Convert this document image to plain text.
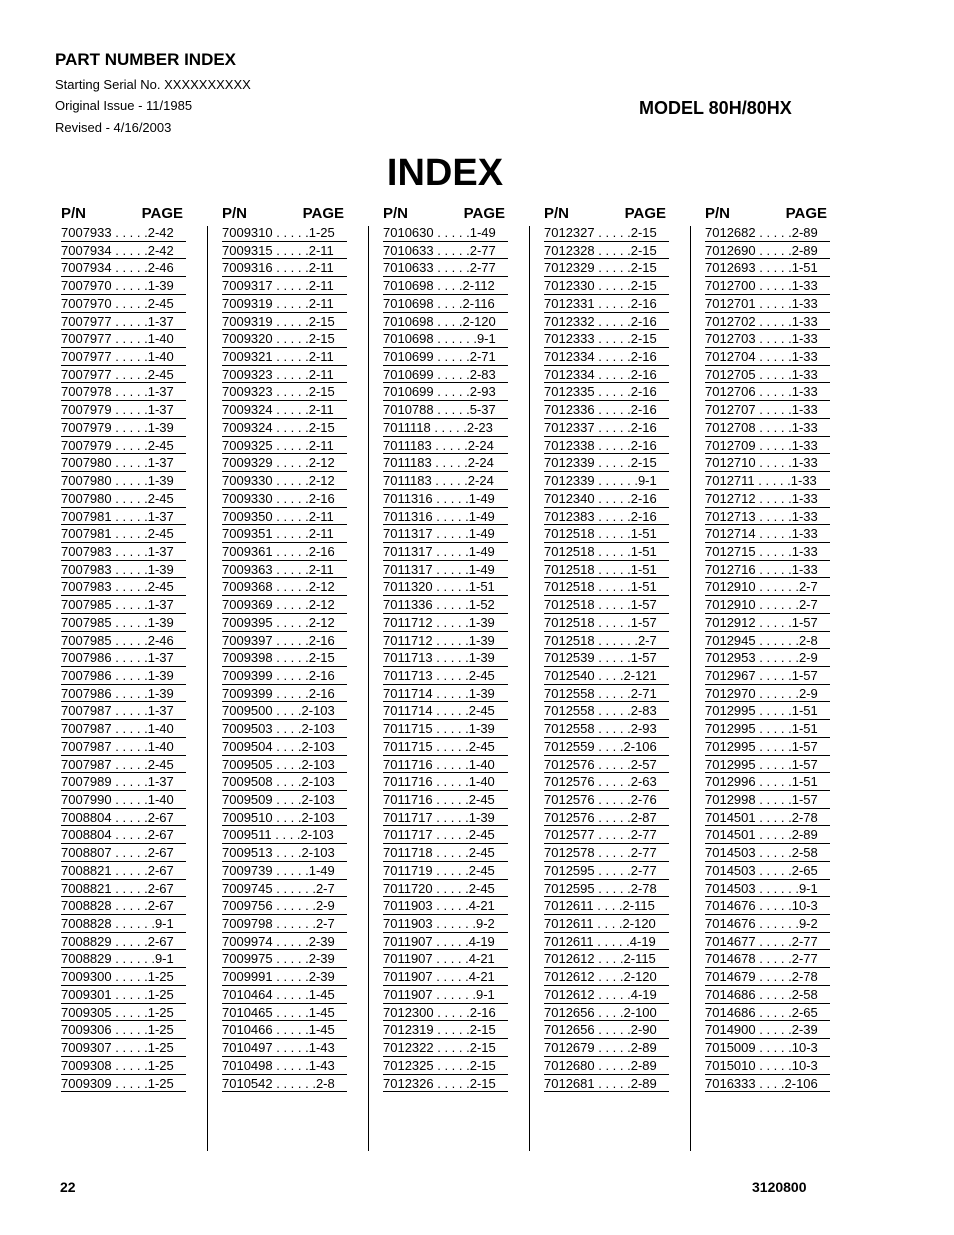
PART NUMBER INDEX
Starting Serial No. XXXXXXXXXX
Original Issue - 11/1985
Revised - 4/16/2003
MODEL 80H/80HX
INDEX
P/N	PAGE
7007933 . . . . .2-42
7007934 . . . . .2-42
7007934 . . . . .2-46
7007970 . . . . .1-39
7007970 . . . . .2-45
7007977 . . . . .1-37
7007977 . . . . .1-40
7007977 . . . . .1-40
7007977 . . . . .2-45
7007978 . . . . .1-37
7007979 . . . . .1-37
7007979 . . . . .1-39
7007979 . . . . .2-45
7007980 . . . . .1-37
7007980 . . . . .1-39
7007980 . . . . .2-45
7007981 . . . . .1-37
7007981 . . . . .2-45
7007983 . . . . .1-37
7007983 . . . . .1-39
7007983 . . . . .2-45
7007985 . . . . .1-37
7007985 . . . . .1-39
7007985 . . . . .2-46
7007986 . . . . .1-37
7007986 . . . . .1-39
7007986 . . . . .1-39
7007987 . . . . .1-37
7007987 . . . . .1-40
7007987 . . . . .1-40
7007987 . . . . .2-45
7007989 . . . . .1-37
7007990 . . . . .1-40
7008804 . . . . .2-67
7008804 . . . . .2-67
7008807 . . . . .2-67
7008821 . . . . .2-67
7008821 . . . . .2-67
7008828 . . . . .2-67
7008828 . . . . . .9-1
7008829 . . . . .2-67
7008829 . . . . . .9-1
7009300 . . . . .1-25
7009301 . . . . .1-25
7009305 . . . . .1-25
7009306 . . . . .1-25
7009307 . . . . .1-25
7009308 . . . . .1-25
7009309 . . . . .1-25
P/N	PAGE
7009310 . . . . .1-25
7009315 . . . . .2-11
7009316 . . . . .2-11
7009317 . . . . .2-11
7009319 . . . . .2-11
7009319 . . . . .2-15
7009320 . . . . .2-15
7009321 . . . . .2-11
7009323 . . . . .2-11
7009323 . . . . .2-15
7009324 . . . . .2-11
7009324 . . . . .2-15
7009325 . . . . .2-11
7009329 . . . . .2-12
7009330 . . . . .2-12
7009330 . . . . .2-16
7009350 . . . . .2-11
7009351 . . . . .2-11
7009361 . . . . .2-16
7009363 . . . . .2-11
7009368 . . . . .2-12
7009369 . . . . .2-12
7009395 . . . . .2-12
7009397 . . . . .2-16
7009398 . . . . .2-15
7009399 . . . . .2-16
7009399 . . . . .2-16
7009500 . . . .2-103
7009503 . . . .2-103
7009504 . . . .2-103
7009505 . . . .2-103
7009508 . . . .2-103
7009509 . . . .2-103
7009510 . . . .2-103
7009511 . . . .2-103
7009513 . . . .2-103
7009739 . . . . .1-49
7009745 . . . . . .2-7
7009756 . . . . . .2-9
7009798 . . . . . .2-7
7009974 . . . . .2-39
7009975 . . . . .2-39
7009991 . . . . .2-39
7010464 . . . . .1-45
7010465 . . . . .1-45
7010466 . . . . .1-45
7010497 . . . . .1-43
7010498 . . . . .1-43
7010542 . . . . . .2-8
P/N	PAGE
7010630 . . . . .1-49
7010633 . . . . .2-77
7010633 . . . . .2-77
7010698 . . . .2-112
7010698 . . . .2-116
7010698 . . . .2-120
7010698 . . . . . .9-1
7010699 . . . . .2-71
7010699 . . . . .2-83
7010699 . . . . .2-93
7010788 . . . . .5-37
7011118 . . . . .2-23
7011183 . . . . .2-24
7011183 . . . . .2-24
7011183 . . . . .2-24
7011316 . . . . .1-49
7011316 . . . . .1-49
7011317 . . . . .1-49
7011317 . . . . .1-49
7011317 . . . . .1-49
7011320 . . . . .1-51
7011336 . . . . .1-52
7011712 . . . . .1-39
7011712 . . . . .1-39
7011713 . . . . .1-39
7011713 . . . . .2-45
7011714 . . . . .1-39
7011714 . . . . .2-45
7011715 . . . . .1-39
7011715 . . . . .2-45
7011716 . . . . .1-40
7011716 . . . . .1-40
7011716 . . . . .2-45
7011717 . . . . .1-39
7011717 . . . . .2-45
7011718 . . . . .2-45
7011719 . . . . .2-45
7011720 . . . . .2-45
7011903 . . . . .4-21
7011903 . . . . . .9-2
7011907 . . . . .4-19
7011907 . . . . .4-21
7011907 . . . . .4-21
7011907 . . . . . .9-1
7012300 . . . . .2-16
7012319 . . . . .2-15
7012322 . . . . .2-15
7012325 . . . . .2-15
7012326 . . . . .2-15
P/N	PAGE
7012327 . . . . .2-15
7012328 . . . . .2-15
7012329 . . . . .2-15
7012330 . . . . .2-15
7012331 . . . . .2-16
7012332 . . . . .2-16
7012333 . . . . .2-15
7012334 . . . . .2-16
7012334 . . . . .2-16
7012335 . . . . .2-16
7012336 . . . . .2-16
7012337 . . . . .2-16
7012338 . . . . .2-16
7012339 . . . . .2-15
7012339 . . . . . .9-1
7012340 . . . . .2-16
7012383 . . . . .2-16
7012518 . . . . .1-51
7012518 . . . . .1-51
7012518 . . . . .1-51
7012518 . . . . .1-51
7012518 . . . . .1-57
7012518 . . . . .1-57
7012518 . . . . . .2-7
7012539 . . . . .1-57
7012540 . . . .2-121
7012558 . . . . .2-71
7012558 . . . . .2-83
7012558 . . . . .2-93
7012559 . . . .2-106
7012576 . . . . .2-57
7012576 . . . . .2-63
7012576 . . . . .2-76
7012576 . . . . .2-87
7012577 . . . . .2-77
7012578 . . . . .2-77
7012595 . . . . .2-77
7012595 . . . . .2-78
7012611 . . . .2-115
7012611 . . . .2-120
7012611 . . . . .4-19
7012612 . . . .2-115
7012612 . . . .2-120
7012612 . . . . .4-19
7012656 . . . .2-100
7012656 . . . . .2-90
7012679 . . . . .2-89
7012680 . . . . .2-89
7012681 . . . . .2-89
P/N	PAGE
7012682 . . . . .2-89
7012690 . . . . .2-89
7012693 . . . . .1-51
7012700 . . . . .1-33
7012701 . . . . .1-33
7012702 . . . . .1-33
7012703 . . . . .1-33
7012704 . . . . .1-33
7012705 . . . . .1-33
7012706 . . . . .1-33
7012707 . . . . .1-33
7012708 . . . . .1-33
7012709 . . . . .1-33
7012710 . . . . .1-33
7012711 . . . . .1-33
7012712 . . . . .1-33
7012713 . . . . .1-33
7012714 . . . . .1-33
7012715 . . . . .1-33
7012716 . . . . .1-33
7012910 . . . . . .2-7
7012910 . . . . . .2-7
7012912 . . . . .1-57
7012945 . . . . . .2-8
7012953 . . . . . .2-9
7012967 . . . . .1-57
7012970 . . . . . .2-9
7012995 . . . . .1-51
7012995 . . . . .1-51
7012995 . . . . .1-57
7012995 . . . . .1-57
7012996 . . . . .1-51
7012998 . . . . .1-57
7014501 . . . . .2-78
7014501 . . . . .2-89
7014503 . . . . .2-58
7014503 . . . . .2-65
7014503 . . . . . .9-1
7014676 . . . . .10-3
7014676 . . . . . .9-2
7014677 . . . . .2-77
7014678 . . . . .2-77
7014679 . . . . .2-78
7014686 . . . . .2-58
7014686 . . . . .2-65
7014900 . . . . .2-39
7015009 . . . . .10-3
7015010 . . . . .10-3
7016333 . . . .2-106
22	3120800
